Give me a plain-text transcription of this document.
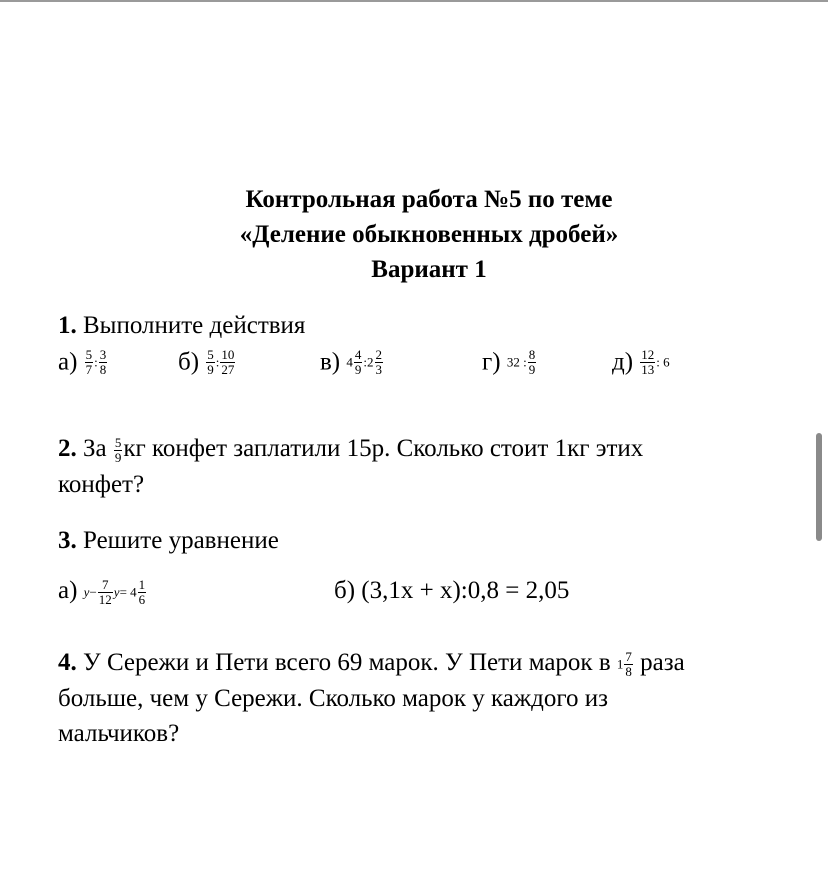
Контрольная работа №5 по теме
«Деление обыкновенных дробей»
Вариант 1
1. Выполните действия
$а) \frac{5}{7}$ : $\frac{3}{8}$	$б) \frac{5}{9}$ : $\frac{10}{27}$	в) $4 \frac{4}{9}$ :2 $\frac{2}{3}$	г) 32 : $\frac{8}{9}$	$д) \frac{12}{13}$ : 6
2. За $\frac{5}{9}$ кг конфет заплатили 15р. Сколько стоит 1кг этих
конфет?
3. Решите уравнение
а) $y- \frac{7}{12} y= 4 \frac{1}{6}$	б) (3,1х + х):0,8 = 2,05
4. У Сережи и Пети всего 69 марок. У Пети марок в $1 \frac{7}{8}$ раза
больше, чем у Сережи. Сколько марок у каждого из
мальчиков?
